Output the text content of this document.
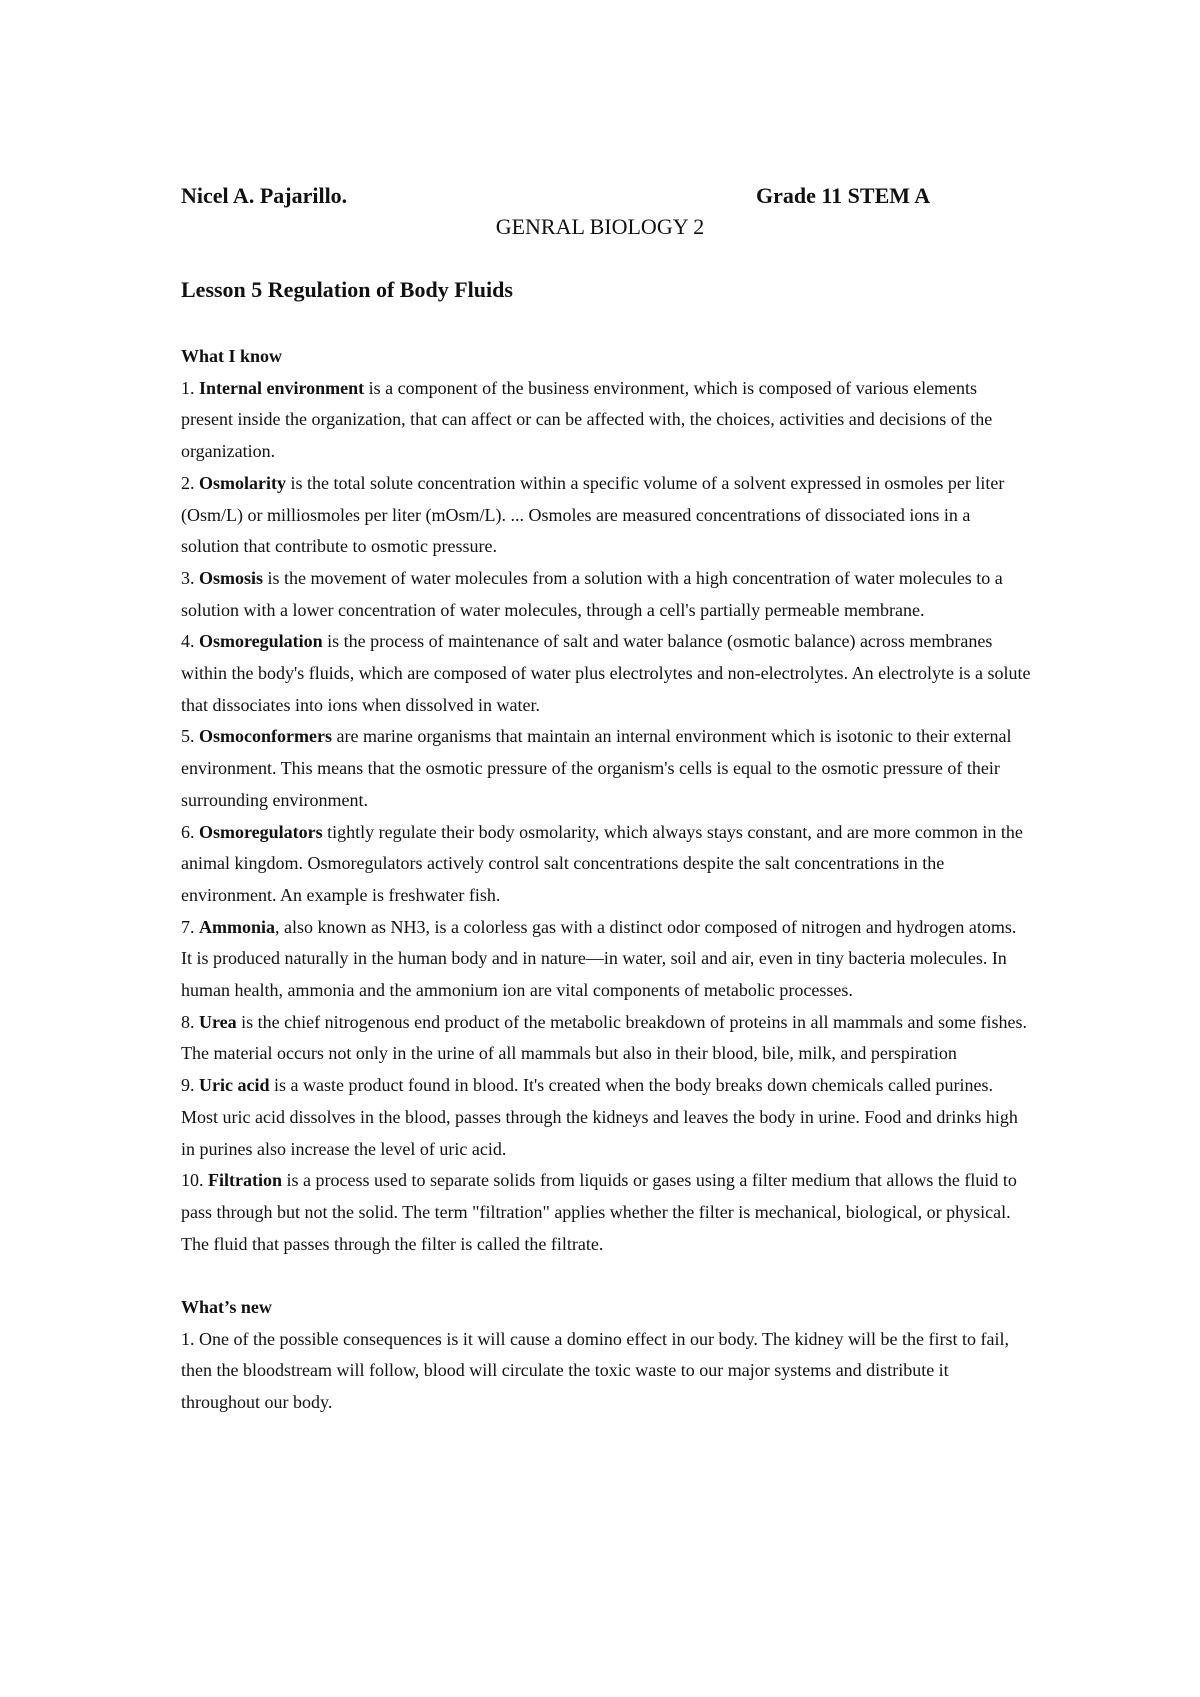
Nicel A. Pajarillo.	Grade 11 STEM A
GENRAL BIOLOGY 2
Lesson 5 Regulation of Body Fluids

What I know

1. Internal environment is a component of the business environment, which is composed of various elements present inside the organization, that can affect or can be affected with, the choices, activities and decisions of the organization.

2. Osmolarity is the total solute concentration within a specific volume of a solvent expressed in osmoles per liter (Osm/L) or milliosmoles per liter (mOsm/L). ... Osmoles are measured concentrations of dissociated ions in a solution that contribute to osmotic pressure.

3. Osmosis is the movement of water molecules from a solution with a high concentration of water molecules to a solution with a lower concentration of water molecules, through a cell's partially permeable membrane.

4. Osmoregulation is the process of maintenance of salt and water balance (osmotic balance) across membranes within the body's fluids, which are composed of water plus electrolytes and non-electrolytes. An electrolyte is a solute that dissociates into ions when dissolved in water.

5. Osmoconformers are marine organisms that maintain an internal environment which is isotonic to their external environment. This means that the osmotic pressure of the organism's cells is equal to the osmotic pressure of their surrounding environment.

6. Osmoregulators tightly regulate their body osmolarity, which always stays constant, and are more common in the animal kingdom. Osmoregulators actively control salt concentrations despite the salt concentrations in the environment. An example is freshwater fish.

7. Ammonia, also known as NH3, is a colorless gas with a distinct odor composed of nitrogen and hydrogen atoms. It is produced naturally in the human body and in nature—in water, soil and air, even in tiny bacteria molecules. In human health, ammonia and the ammonium ion are vital components of metabolic processes.

8. Urea is the chief nitrogenous end product of the metabolic breakdown of proteins in all mammals and some fishes. The material occurs not only in the urine of all mammals but also in their blood, bile, milk, and perspiration

9. Uric acid is a waste product found in blood. It's created when the body breaks down chemicals called purines. Most uric acid dissolves in the blood, passes through the kidneys and leaves the body in urine. Food and drinks high in purines also increase the level of uric acid.

10. Filtration is a process used to separate solids from liquids or gases using a filter medium that allows the fluid to pass through but not the solid. The term "filtration" applies whether the filter is mechanical, biological, or physical. The fluid that passes through the filter is called the filtrate.

What’s new

1. One of the possible consequences is it will cause a domino effect in our body. The kidney will be the first to fail, then the bloodstream will follow, blood will circulate the toxic waste to our major systems and distribute it throughout our body.
